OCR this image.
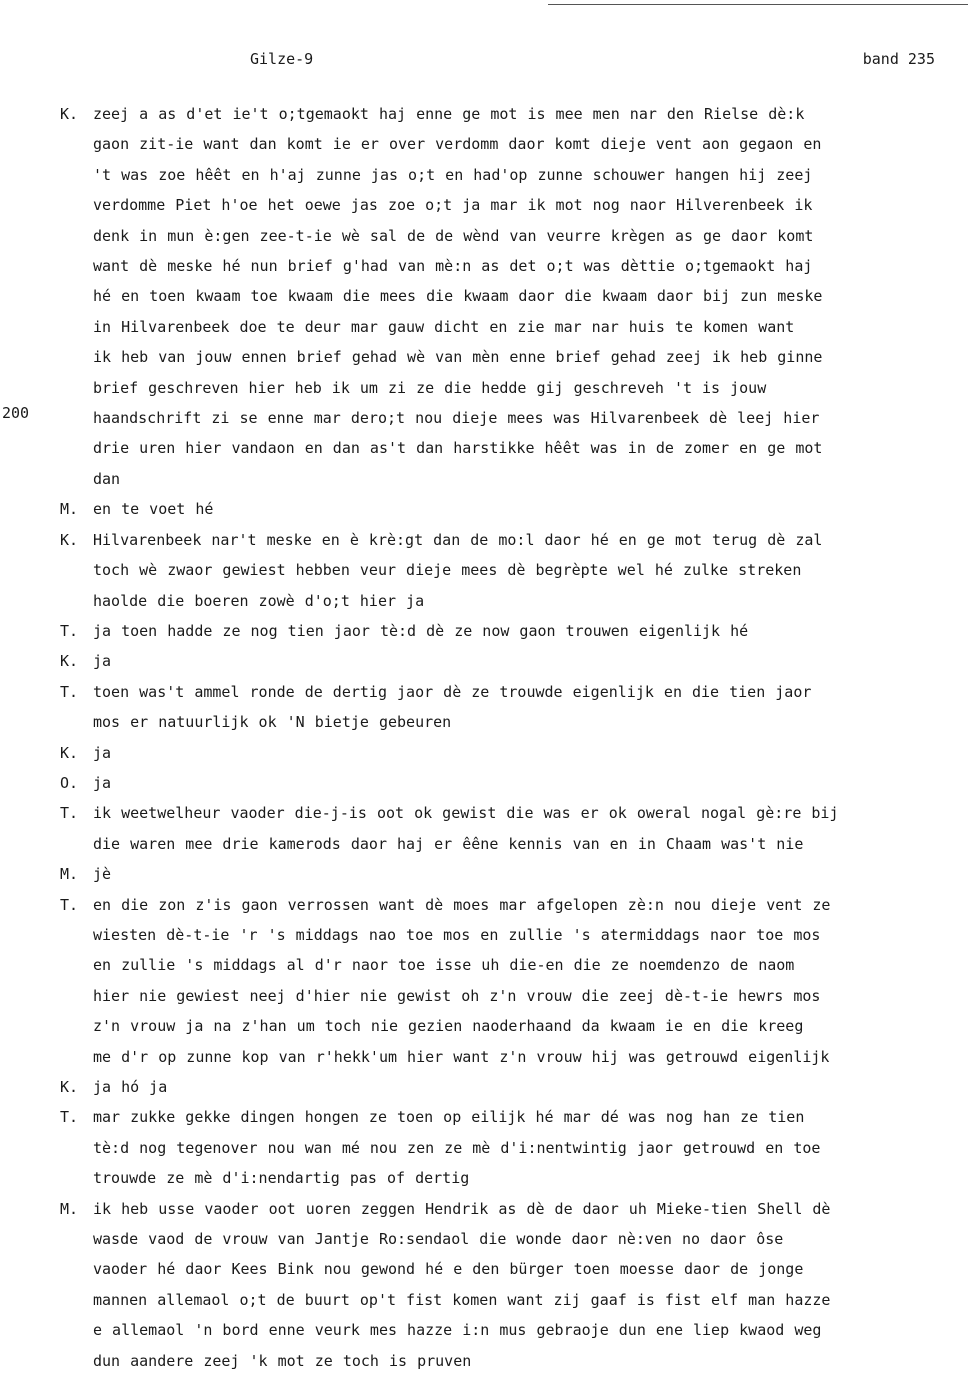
Gilze-9	band 235
200
K. zeej a as d'et ie't o;tgemaokt haj enne ge mot is mee men nar den Rielse dè:k
gaon zit-ie want dan komt ie er over verdomm daor komt dieje vent aon gegaon en
't was zoe hêêt en h'aj zunne jas o;t en had'op zunne schouwer hangen hij zeej
verdomme Piet h'oe het oewe jas zoe o;t ja mar ik mot nog naor Hilverenbeek ik
denk in mun è:gen zee-t-ie wè sal de de wènd van veurre krègen as ge daor komt
want dè meske hé nun brief g'had van mè:n as det o;t was dèttie o;tgemaokt haj
hé en toen kwaam toe kwaam die mees die kwaam daor die kwaam daor bij zun meske
in Hilvarenbeek doe te deur mar gauw dicht en zie mar nar huis te komen want
ik heb van jouw ennen brief gehad wè van mèn enne brief gehad zeej ik heb ginne
brief geschreven hier heb ik um zi ze die hedde gij geschreveh 't is jouw
haandschrift zi se enne mar dero;t nou dieje mees was Hilvarenbeek dè leej hier
drie uren hier vandaon en dan as't dan harstikke hêêt was in de zomer en ge mot
dan
M. en te voet hé
K. Hilvarenbeek nar't meske en è krè:gt dan de mo:l daor hé en ge mot terug dè zal
toch wè zwaor gewiest hebben veur dieje mees dè begrèpte wel hé zulke streken
haolde die boeren zowè d'o;t hier ja
T. ja toen hadde ze nog tien jaor tè:d dè ze now gaon trouwen eigenlijk hé
K. ja
T. toen was't ammel ronde de dertig jaor dè ze trouwde eigenlijk en die tien jaor
mos er natuurlijk ok 'N bietje gebeuren
K. ja
O. ja
T. ik weetwelheur vaoder die-j-is oot ok gewist die was er ok oweral nogal gè:re bij
die waren mee drie kamerods daor haj er êêne kennis van en in Chaam was't nie
M. jè
T. en die zon z'is gaon verrossen want dè moes mar afgelopen zè:n nou dieje vent ze
wiesten dè-t-ie 'r 's middags nao toe mos en zullie 's atermiddags naor toe mos
en zullie 's middags al d'r naor toe isse uh die-en die ze noemdenzo de naom
hier nie gewiest neej d'hier nie gewist oh z'n vrouw die zeej dè-t-ie hewrs mos
z'n vrouw ja na z'han um toch nie gezien naoderhaand da kwaam ie en die kreeg
me d'r op zunne kop van r'hekk'um hier want z'n vrouw hij was getrouwd eigenlijk
K. ja hó ja
T. mar zukke gekke dingen hongen ze toen op eilijk hé mar dé was nog han ze tien
tè:d nog tegenover nou wan mé nou zen ze mè d'i:nentwintig jaor getrouwd en toe
trouwde ze mè d'i:nendartig pas of dertig
M. ik heb usse vaoder oot uoren zeggen Hendrik as dè de daor uh Mieke-tien Shell dè
wasde vaod de vrouw van Jantje Ro:sendaol die wonde daor nè:ven no daor ôse
vaoder hé daor Kees Bink nou gewond hé e den bürger toen moesse daor de jonge
mannen allemaol o;t de buurt op't fist komen want zij gaaf is fist elf man hazze
e allemaol 'n bord enne veurk mes hazze i:n mus gebraoje dun ene liep kwaod weg
dun aandere zeej 'k mot ze toch is pruven
